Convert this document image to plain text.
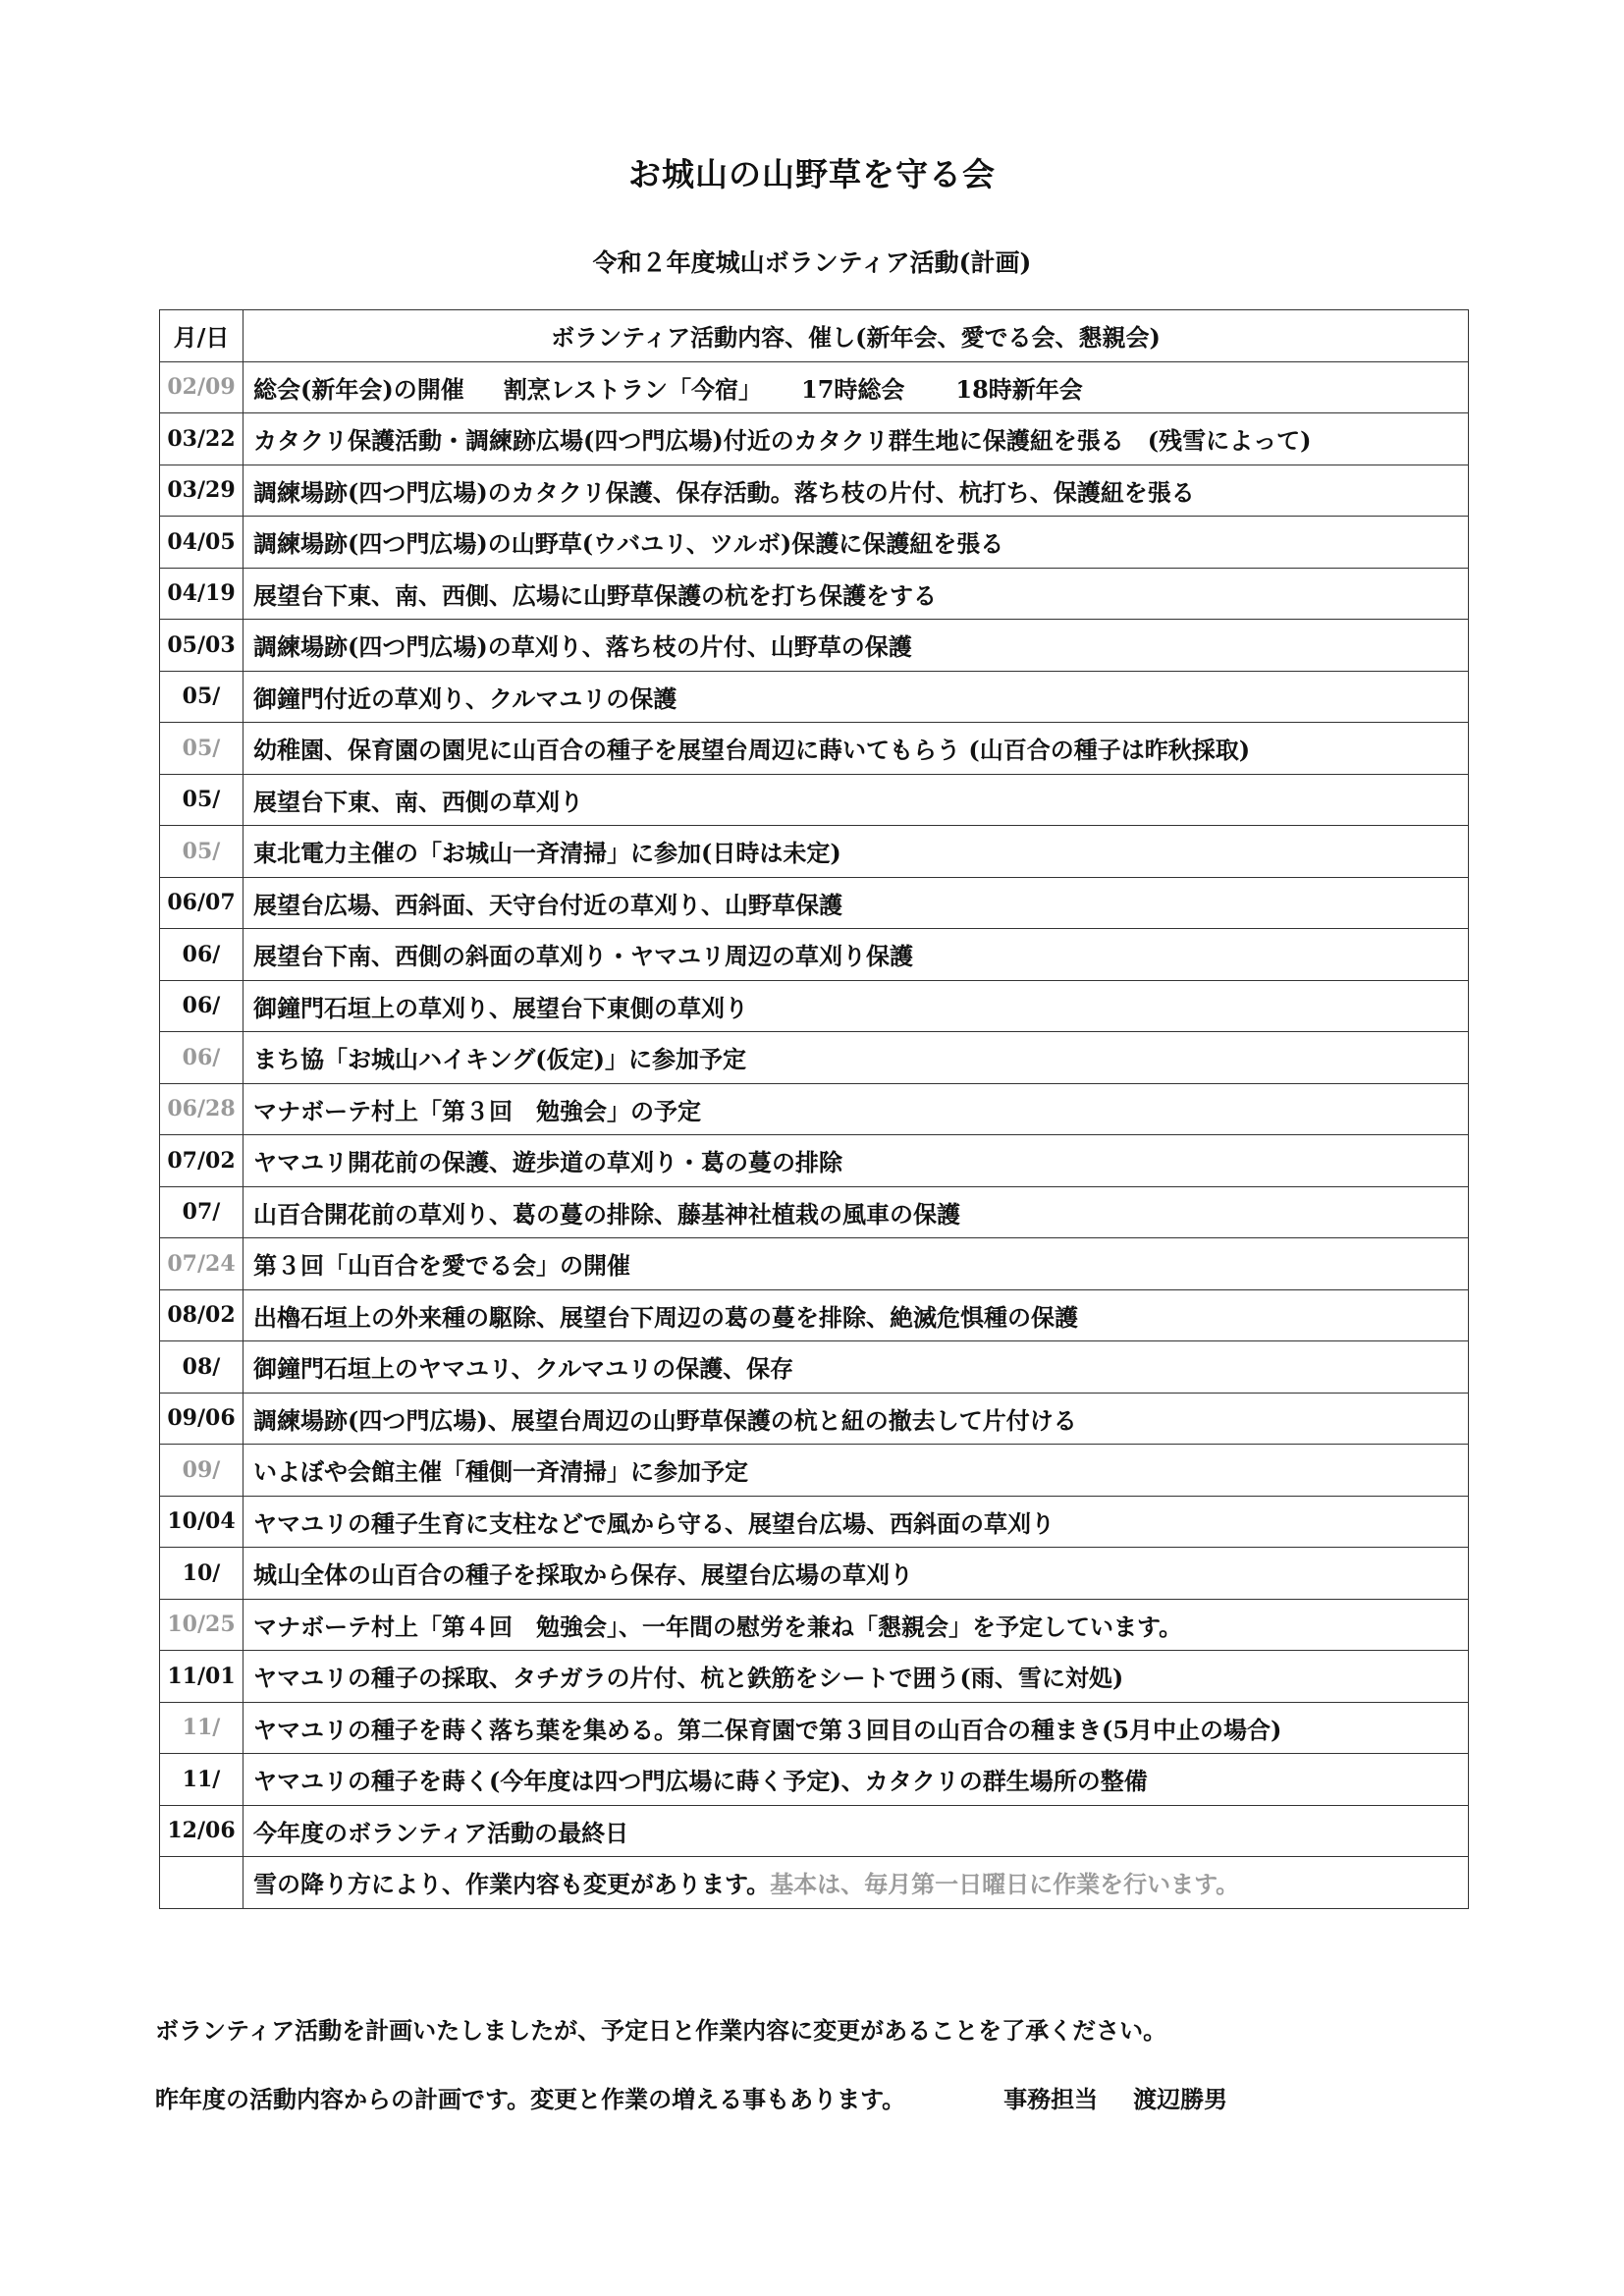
お城山の山野草を守る会
令和２年度城山ボランティア活動(計画)
月/日	ボランティア活動内容、催し(新年会、愛でる会、懇親会)
02/09	総会(新年会)の開催 割烹レストラン「今宿」 17時総会 18時新年会
03/22	カタクリ保護活動・調練跡広場(四つ門広場)付近のカタクリ群生地に保護紐を張る　(残雪によって)
03/29	調練場跡(四つ門広場)のカタクリ保護、保存活動。落ち枝の片付、杭打ち、保護紐を張る
04/05	調練場跡(四つ門広場)の山野草(ウバユリ、ツルボ)保護に保護紐を張る
04/19	展望台下東、南、西側、広場に山野草保護の杭を打ち保護をする
05/03	調練場跡(四つ門広場)の草刈り、落ち枝の片付、山野草の保護
05/	御鐘門付近の草刈り、クルマユリの保護
05/	幼稚園、保育園の園児に山百合の種子を展望台周辺に蒔いてもらう (山百合の種子は昨秋採取)
05/	展望台下東、南、西側の草刈り
05/	東北電力主催の「お城山一斉清掃」に参加(日時は未定)
06/07	展望台広場、西斜面、天守台付近の草刈り、山野草保護
06/	展望台下南、西側の斜面の草刈り・ヤマユリ周辺の草刈り保護
06/	御鐘門石垣上の草刈り、展望台下東側の草刈り
06/	まち協「お城山ハイキング(仮定)」に参加予定
06/28	マナボーテ村上「第３回　勉強会」の予定
07/02	ヤマユリ開花前の保護、遊歩道の草刈り・葛の蔓の排除
07/	山百合開花前の草刈り、葛の蔓の排除、藤基神社植栽の風車の保護
07/24	第３回「山百合を愛でる会」の開催
08/02	出櫓石垣上の外来種の駆除、展望台下周辺の葛の蔓を排除、絶滅危惧種の保護
08/	御鐘門石垣上のヤマユリ、クルマユリの保護、保存
09/06	調練場跡(四つ門広場)、展望台周辺の山野草保護の杭と紐の撤去して片付ける
09/	いよぼや会館主催「種側一斉清掃」に参加予定
10/04	ヤマユリの種子生育に支柱などで風から守る、展望台広場、西斜面の草刈り
10/	城山全体の山百合の種子を採取から保存、展望台広場の草刈り
10/25	マナボーテ村上「第４回　勉強会」、一年間の慰労を兼ね「懇親会」を予定しています。
11/01	ヤマユリの種子の採取、タチガラの片付、杭と鉄筋をシートで囲う(雨、雪に対処)
11/	ヤマユリの種子を蒔く落ち葉を集める。第二保育園で第３回目の山百合の種まき(5月中止の場合)
11/	ヤマユリの種子を蒔く(今年度は四つ門広場に蒔く予定)、カタクリの群生場所の整備
12/06	今年度のボランティア活動の最終日
	雪の降り方により、作業内容も変更があります。基本は、毎月第一日曜日に作業を行います。
ボランティア活動を計画いたしましたが、予定日と作業内容に変更があることを了承ください。
昨年度の活動内容からの計画です。変更と作業の増える事もあります。	事務担当 渡辺勝男
